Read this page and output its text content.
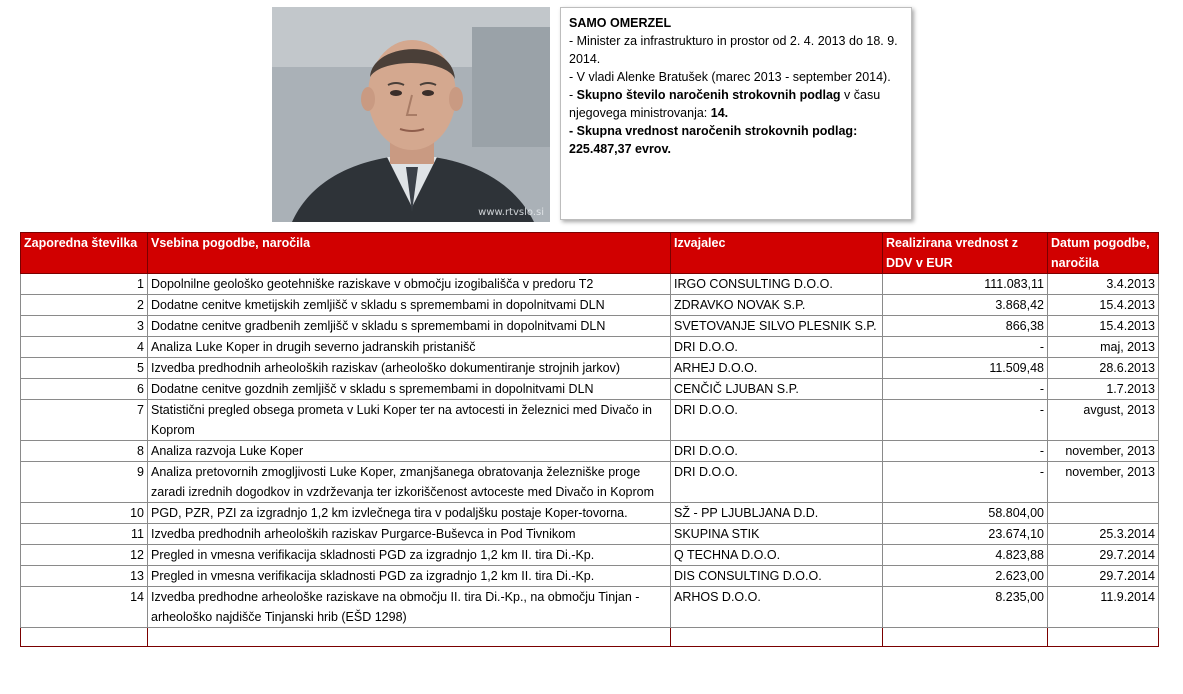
www.rtvslo.si

SAMO OMERZEL

- Minister za infrastrukturo in prostor od 2. 4. 2013 do 18. 9. 2014.

- V vladi Alenke Bratušek (marec 2013 - september 2014).

- Skupno število naročenih strokovnih podlag v času njegovega ministrovanja: 14.

- Skupna vrednost naročenih strokovnih podlag: 225.487,37 evrov.

Zaporedna številka	Vsebina pogodbe, naročila	Izvajalec	Realizirana vrednost z DDV v EUR	Datum pogodbe, naročila
1	Dopolnilne geološko geotehniške raziskave v območju izogibališča v predoru T2	IRGO CONSULTING D.O.O.	111.083,11	3.4.2013
2	Dodatne cenitve kmetijskih zemljišč v skladu s spremembami in dopolnitvami DLN	ZDRAVKO NOVAK S.P.	3.868,42	15.4.2013
3	Dodatne cenitve gradbenih zemljišč v skladu s spremembami in dopolnitvami DLN	SVETOVANJE SILVO PLESNIK S.P.	866,38	15.4.2013
4	Analiza Luke Koper in drugih severno jadranskih pristanišč	DRI D.O.O.	-	maj, 2013
5	Izvedba predhodnih arheoloških raziskav (arheološko dokumentiranje strojnih jarkov)	ARHEJ D.O.O.	11.509,48	28.6.2013
6	Dodatne cenitve gozdnih zemljišč v skladu s spremembami in dopolnitvami DLN	CENČIČ LJUBAN S.P.	-	1.7.2013
7	Statistični pregled obsega prometa v Luki Koper ter na avtocesti in železnici med Divačo in Koprom	DRI D.O.O.	-	avgust, 2013
8	Analiza razvoja Luke Koper	DRI D.O.O.	-	november, 2013
9	Analiza pretovornih zmogljivosti Luke Koper, zmanjšanega obratovanja železniške proge zaradi izrednih dogodkov in vzdrževanja ter izkoriščenost avtoceste med Divačo in Koprom	DRI D.O.O.	-	november, 2013
10	PGD, PZR, PZI za izgradnjo 1,2 km izvlečnega tira v podaljšku postaje Koper-tovorna.	SŽ - PP LJUBLJANA D.D.	58.804,00	
11	Izvedba predhodnih arheoloških raziskav Purgarce-Buševca in Pod Tivnikom	SKUPINA STIK	23.674,10	25.3.2014
12	Pregled in vmesna verifikacija skladnosti PGD za izgradnjo 1,2 km II. tira Di.-Kp.	Q TECHNA D.O.O.	4.823,88	29.7.2014
13	Pregled in vmesna verifikacija skladnosti PGD za izgradnjo 1,2 km II. tira Di.-Kp.	DIS CONSULTING D.O.O.	2.623,00	29.7.2014
14	Izvedba predhodne arheološke raziskave na območju II. tira Di.-Kp., na območju Tinjan - arheološko najdišče Tinjanski hrib (EŠD 1298)	ARHOS D.O.O.	8.235,00	11.9.2014
		Skupaj	225.487,37	
